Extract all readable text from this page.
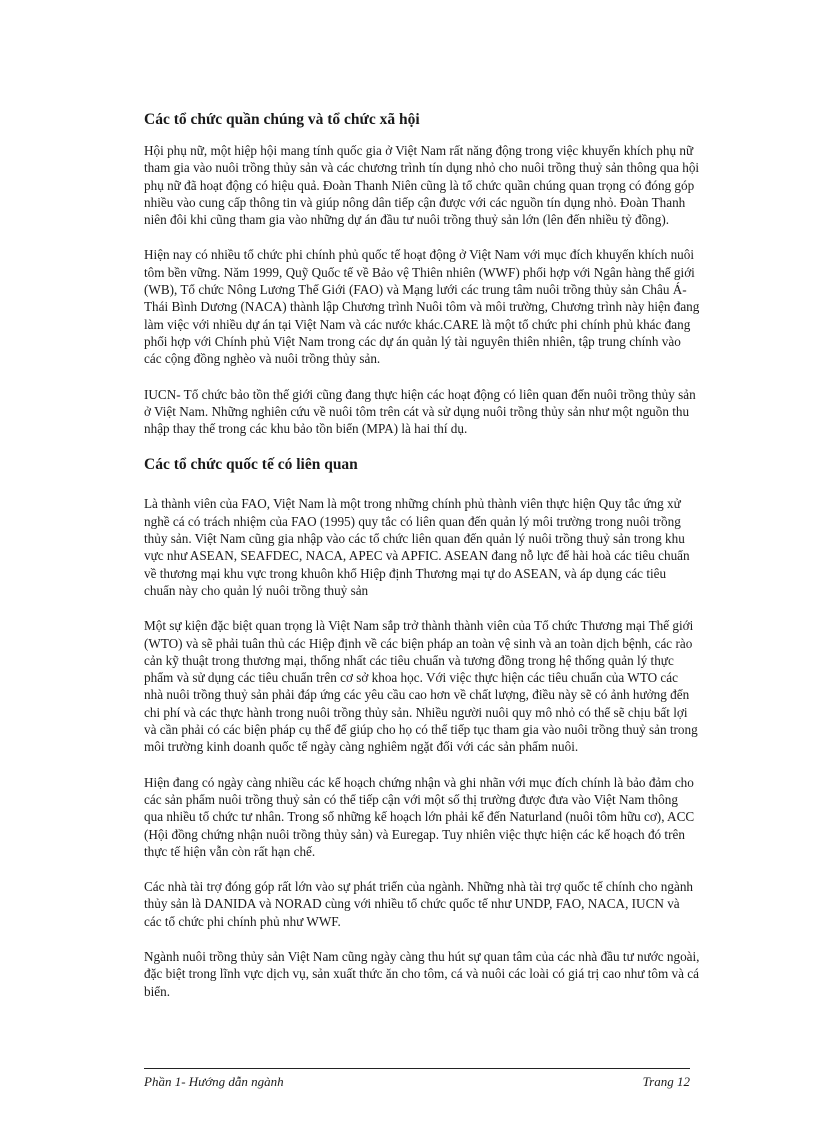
Các tổ chức quần chúng và tổ chức xã hội

Hội phụ nữ, một hiệp hội mang tính quốc gia ở Việt Nam rất năng động trong việc khuyến khích phụ nữ tham gia vào nuôi trồng thủy sản và các chương trình tín dụng nhỏ cho nuôi trồng thuỷ sản thông qua hội phụ nữ đã hoạt động có hiệu quả. Đoàn Thanh Niên cũng là tổ chức quần chúng quan trọng có đóng góp nhiều vào cung cấp thông tin và giúp nông dân tiếp cận được với các nguồn tín dụng nhỏ. Đoàn Thanh niên đôi khi cũng tham gia vào những dự án đầu tư nuôi trồng thuỷ sản lớn (lên đến nhiều tỷ đồng).

Hiện nay có nhiều tổ chức phi chính phủ quốc tế hoạt động ở Việt Nam với mục đích khuyến khích nuôi tôm bền vững. Năm 1999, Quỹ Quốc tế về Bảo vệ Thiên nhiên (WWF) phối hợp với Ngân hàng thế giới (WB), Tổ chức Nông Lương Thế Giới (FAO) và Mạng lưới các trung tâm nuôi trồng thủy sản Châu Á- Thái Bình Dương (NACA) thành lập Chương trình Nuôi tôm và môi trường, Chương trình này hiện đang làm việc với nhiều dự án tại Việt Nam và các nước khác.CARE là một tổ chức phi chính phủ khác đang phối hợp với Chính phủ Việt Nam trong các dự án quản lý tài nguyên thiên nhiên, tập trung chính vào các cộng đồng nghèo và nuôi trồng thủy sản.

IUCN- Tổ chức bảo tồn thế giới cũng đang thực hiện các hoạt động có liên quan đến nuôi trồng thủy sản ở Việt Nam. Những nghiên cứu về nuôi tôm trên cát và sử dụng nuôi trồng thủy sản như một nguồn thu nhập thay thế trong các khu bảo tồn biển (MPA) là hai thí dụ.

Các tổ chức quốc tế có liên quan

Là thành viên của FAO, Việt Nam là một trong những chính phủ thành viên thực hiện Quy tắc ứng xử nghề cá có trách nhiệm của FAO (1995) quy tắc có liên quan đến quản lý môi trường trong nuôi trồng thủy sản. Việt Nam cũng gia nhập vào các tổ chức liên quan đến quản lý nuôi trồng thuỷ sản trong khu vực như ASEAN, SEAFDEC, NACA, APEC và APFIC. ASEAN đang nỗ lực để hài hoà các tiêu chuẩn về thương mại khu vực trong khuôn khổ Hiệp định Thương mại tự do ASEAN, và áp dụng các tiêu chuẩn này cho quản lý nuôi trồng thuỷ sản

Một sự kiện đặc biệt quan trọng là Việt Nam sắp trở thành thành viên của Tổ chức Thương mại Thế giới (WTO) và sẽ phải tuân thủ các Hiệp định về các biện pháp an toàn vệ sinh và an toàn dịch bệnh, các rào cản kỹ thuật trong thương mại, thống nhất các tiêu chuẩn và tương đồng trong hệ thống quản lý thực phẩm và sử dụng các tiêu chuẩn trên cơ sở khoa học. Với việc thực hiện các tiêu chuẩn của WTO các nhà nuôi trồng thuỷ sản phải đáp ứng các yêu cầu cao hơn về chất lượng, điều này sẽ có ảnh hưởng đến chi phí và các thực hành trong nuôi trồng thủy sản. Nhiều người nuôi quy mô nhỏ có thể sẽ chịu bất lợi và cần phải có các biện pháp cụ thể để giúp cho họ có thể tiếp tục tham gia vào nuôi trồng thuỷ sản trong môi trường kinh doanh quốc tế ngày càng nghiêm ngặt đối với các sản phẩm nuôi.

Hiện đang có ngày càng nhiều các kế hoạch chứng nhận và ghi nhãn với mục đích chính là bảo đảm cho các sản phẩm nuôi trồng thuỷ sản có thể tiếp cận với một số thị trường được đưa vào Việt Nam thông qua nhiều tổ chức tư nhân. Trong số những kế hoạch lớn phải kể đến Naturland (nuôi tôm hữu cơ), ACC (Hội đồng chứng nhận nuôi trồng thủy sản) và Euregap. Tuy nhiên việc thực hiện các kế hoạch đó trên thực tế hiện vẫn còn rất hạn chế.

Các nhà tài trợ đóng góp rất lớn vào sự phát triển của ngành. Những nhà tài trợ quốc tế chính cho ngành thủy sản là DANIDA và NORAD cùng với nhiều tổ chức quốc tế như UNDP, FAO, NACA, IUCN và các tổ chức phi chính phủ như WWF.

Ngành nuôi trồng thủy sản Việt Nam cũng ngày càng thu hút sự quan tâm của các nhà đầu tư nước ngoài, đặc biệt trong lĩnh vực dịch vụ, sản xuất thức ăn cho tôm, cá và nuôi các loài có giá trị cao như tôm và cá biển.

Phần 1- Hướng dẫn ngành	Trang 12
